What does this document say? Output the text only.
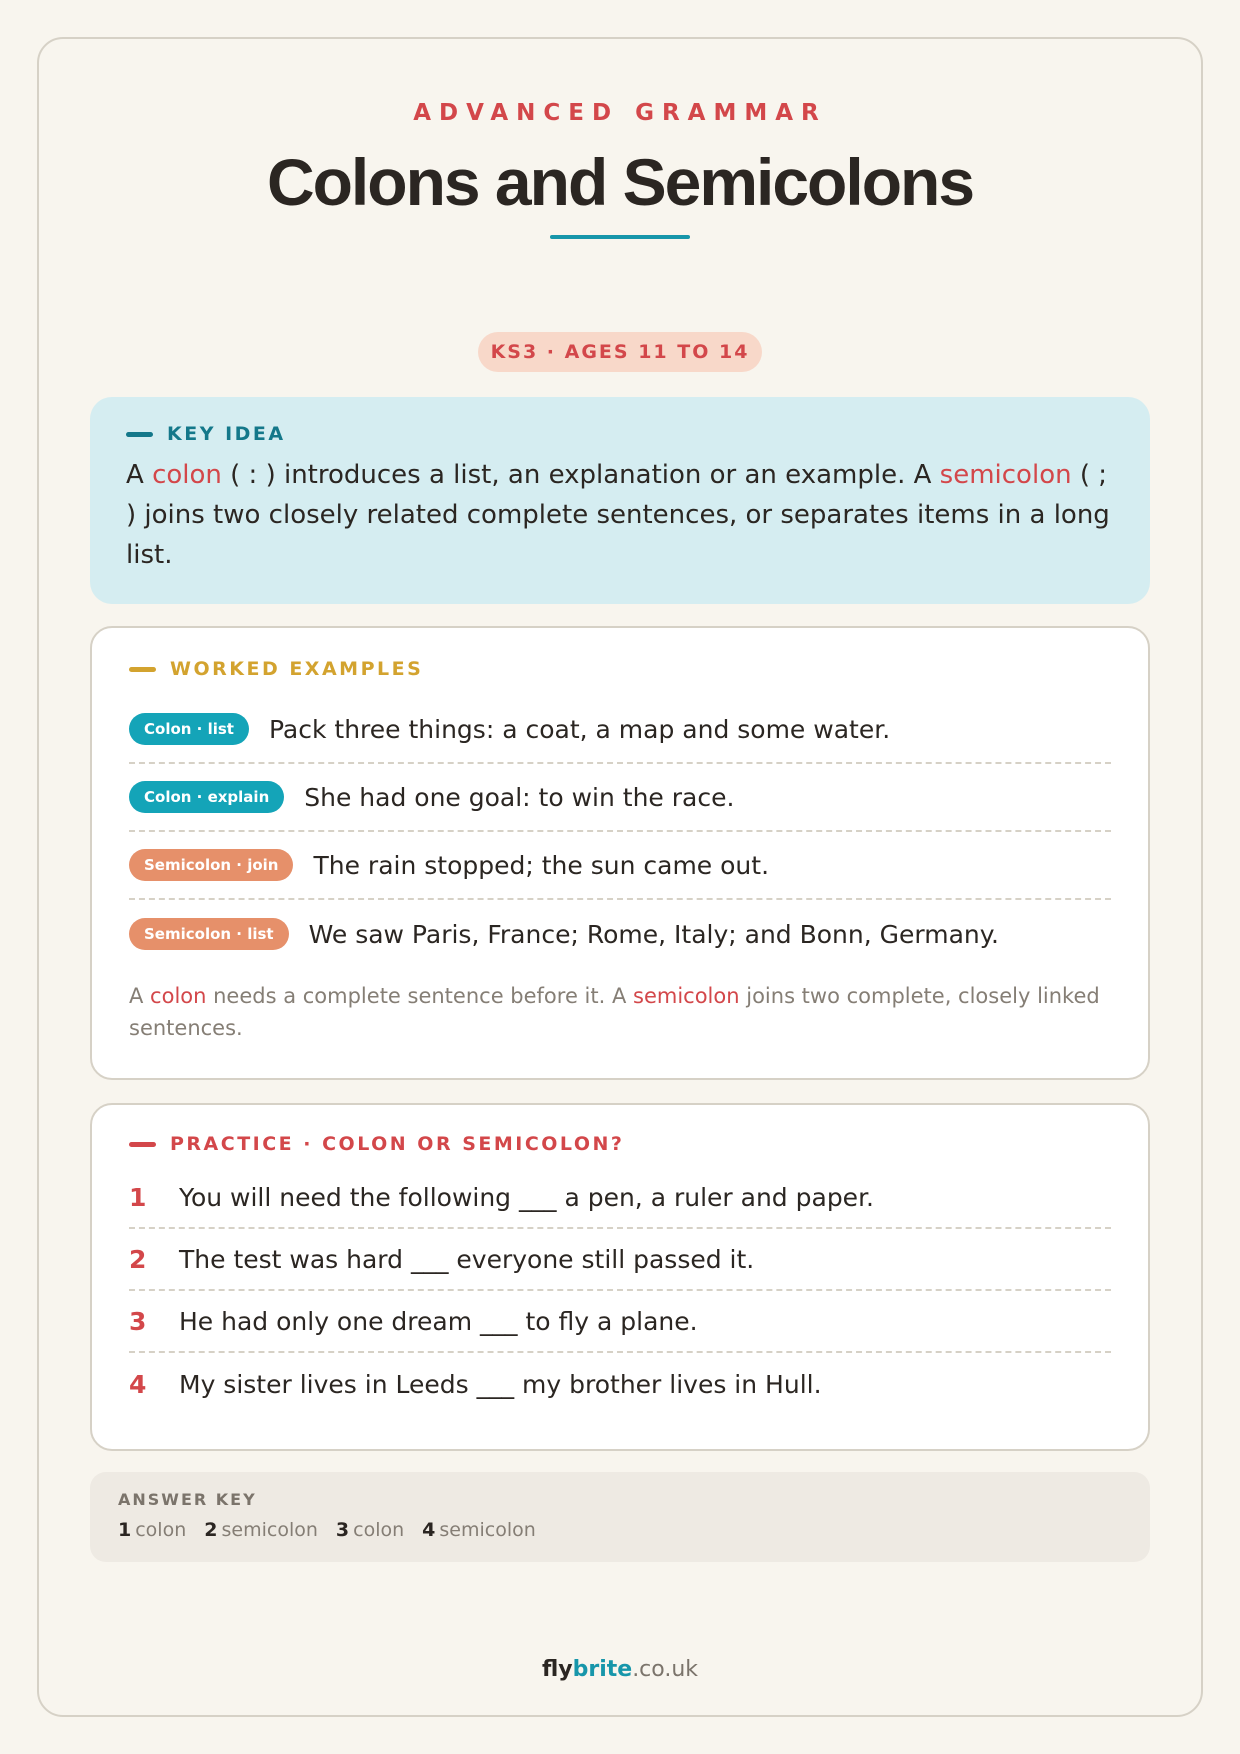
ADVANCED GRAMMAR
Colons and Semicolons
KS3 · AGES 11 TO 14
KEY IDEA

A colon ( : ) introduces a list, an explanation or an example. A semicolon ( ; ) joins two closely related complete sentences, or separates items in a long list.

WORKED EXAMPLES
Colon · list	Pack three things: a coat, a map and some water.
Colon · explain	She had one goal: to win the race.
Semicolon · join	The rain stopped; the sun came out.
Semicolon · list	We saw Paris, France; Rome, Italy; and Bonn, Germany.

A colon needs a complete sentence before it. A semicolon joins two complete, closely linked sentences.

PRACTICE · COLON OR SEMICOLON?
1	You will need the following ___ a pen, a ruler and paper.
2	The test was hard ___ everyone still passed it.
3	He had only one dream ___ to fly a plane.
4	My sister lives in Leeds ___ my brother lives in Hull.
ANSWER KEY
1 colon 2 semicolon 3 colon 4 semicolon
flybrite.co.uk
